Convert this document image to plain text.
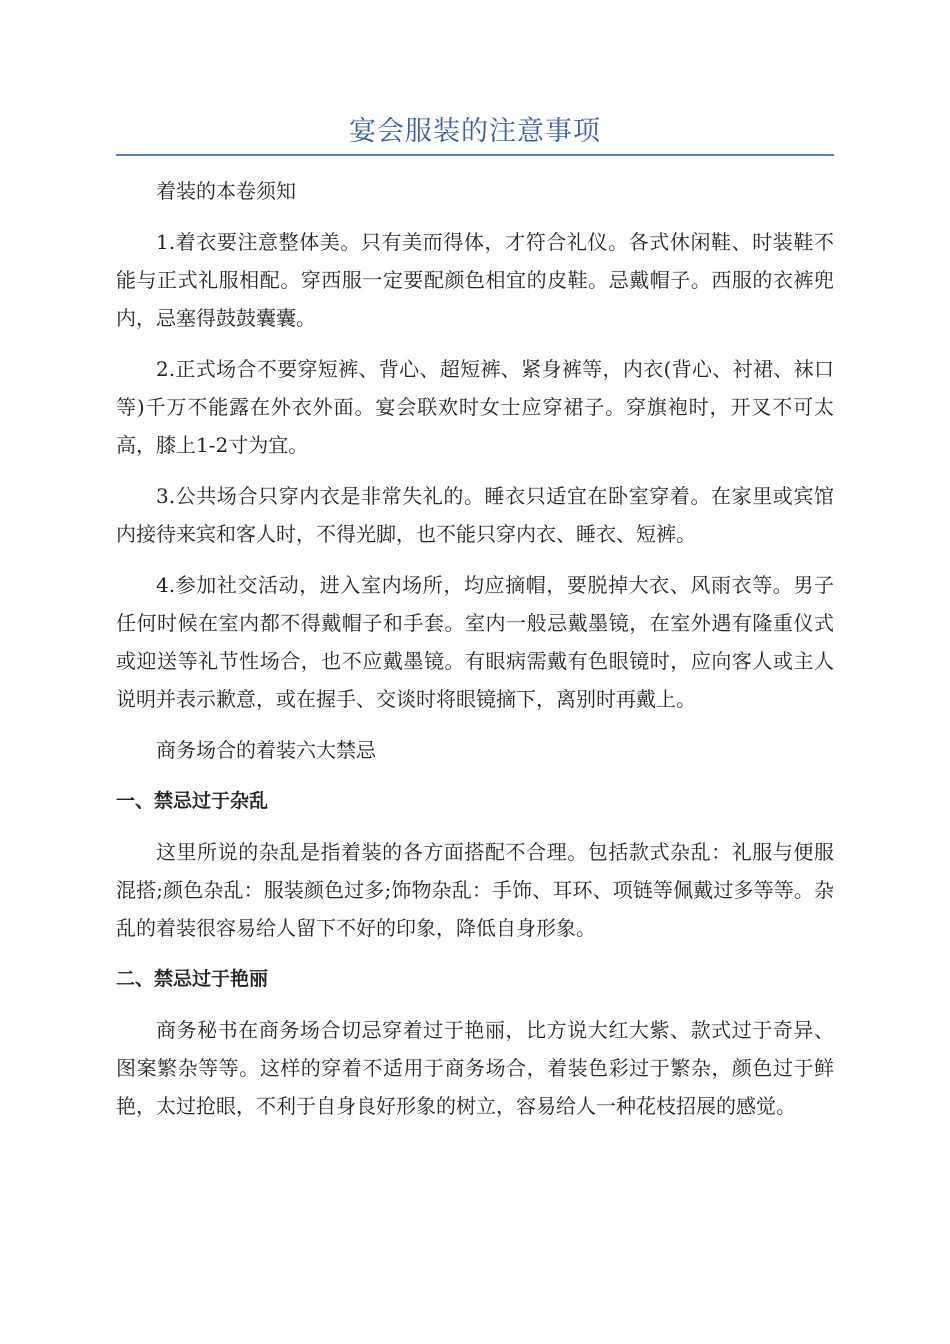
宴会服装的注意事项

着装的本卷须知

1.着衣要注意整体美。只有美而得体，才符合礼仪。各式休闲鞋、时装鞋不能与正式礼服相配。穿西服一定要配颜色相宜的皮鞋。忌戴帽子。西服的衣裤兜内，忌塞得鼓鼓囊囊。

2.正式场合不要穿短裤、背心、超短裤、紧身裤等，内衣(背心、衬裙、袜口等)千万不能露在外衣外面。宴会联欢时女士应穿裙子。穿旗袍时，开叉不可太高，膝上1-2寸为宜。

3.公共场合只穿内衣是非常失礼的。睡衣只适宜在卧室穿着。在家里或宾馆内接待来宾和客人时，不得光脚，也不能只穿内衣、睡衣、短裤。

4.参加社交活动，进入室内场所，均应摘帽，要脱掉大衣、风雨衣等。男子任何时候在室内都不得戴帽子和手套。室内一般忌戴墨镜，在室外遇有隆重仪式或迎送等礼节性场合，也不应戴墨镜。有眼病需戴有色眼镜时，应向客人或主人说明并表示歉意，或在握手、交谈时将眼镜摘下，离别时再戴上。

商务场合的着装六大禁忌

一、禁忌过于杂乱

这里所说的杂乱是指着装的各方面搭配不合理。包括款式杂乱：礼服与便服混搭;颜色杂乱：服装颜色过多;饰物杂乱：手饰、耳环、项链等佩戴过多等等。杂乱的着装很容易给人留下不好的印象，降低自身形象。

二、禁忌过于艳丽

商务秘书在商务场合切忌穿着过于艳丽，比方说大红大紫、款式过于奇异、图案繁杂等等。这样的穿着不适用于商务场合，着装色彩过于繁杂，颜色过于鲜艳，太过抢眼，不利于自身良好形象的树立，容易给人一种花枝招展的感觉。
